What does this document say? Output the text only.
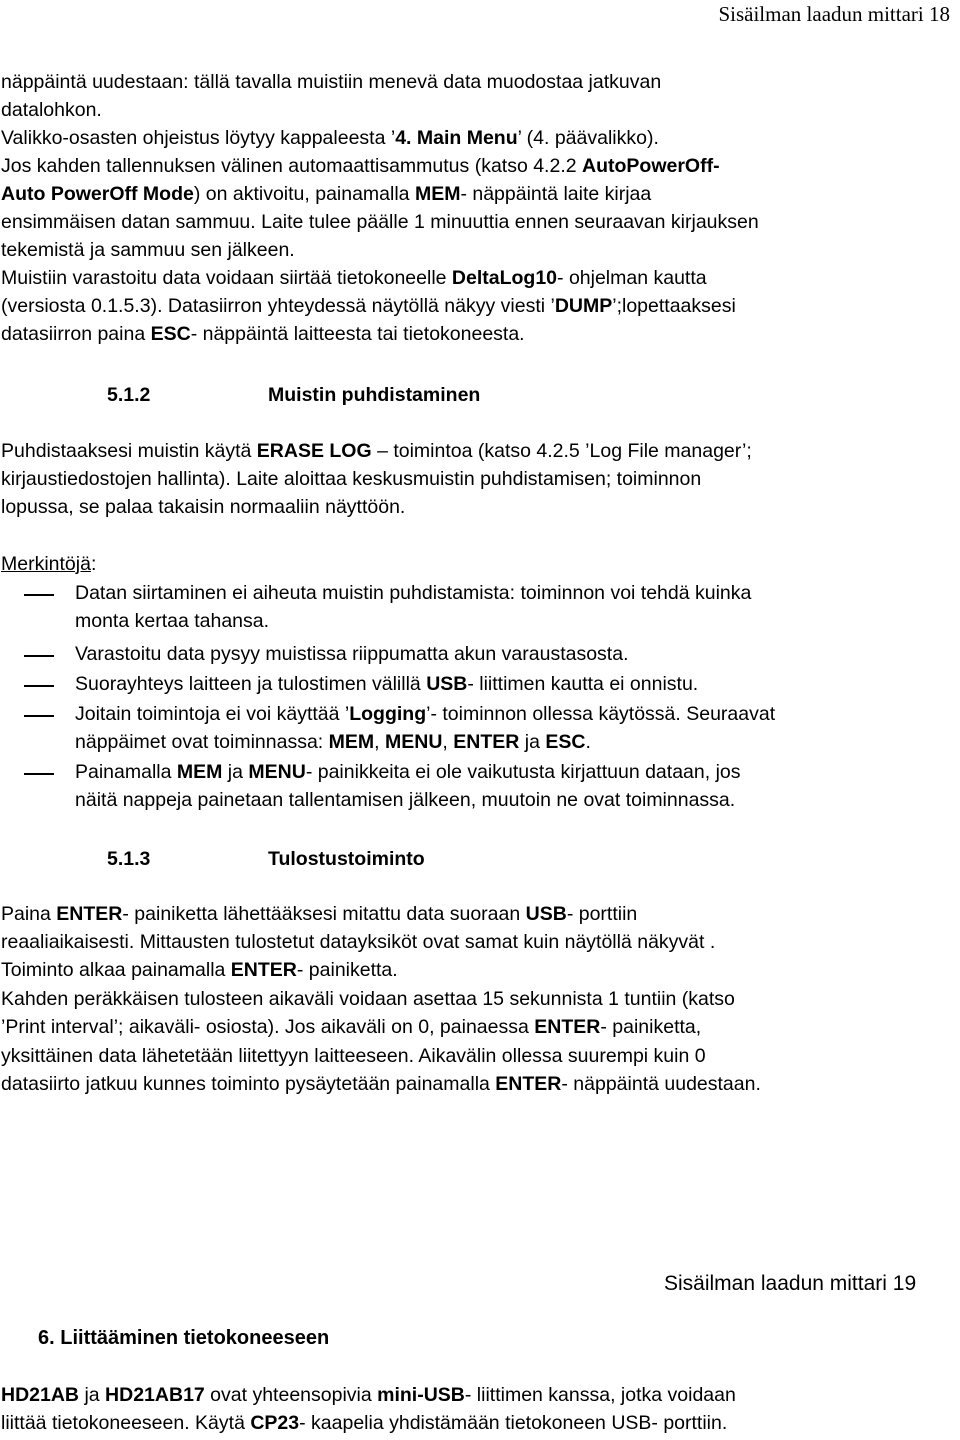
Sisäilman laadun mittari 18
näppäintä uudestaan: tällä tavalla muistiin menevä data muodostaa jatkuvan
datalohkon.
Valikko-osasten ohjeistus löytyy kappaleesta ’4. Main Menu’ (4. päävalikko).
Jos kahden tallennuksen välinen automaattisammutus (katso 4.2.2 AutoPowerOff-
Auto PowerOff Mode) on aktivoitu, painamalla MEM- näppäintä laite kirjaa
ensimmäisen datan sammuu. Laite tulee päälle 1 minuuttia ennen seuraavan kirjauksen
tekemistä ja sammuu sen jälkeen.
Muistiin varastoitu data voidaan siirtää tietokoneelle DeltaLog10- ohjelman kautta
(versiosta 0.1.5.3). Datasiirron yhteydessä näytöllä näkyy viesti ’DUMP’;lopettaaksesi
datasiirron paina ESC- näppäintä laitteesta tai tietokoneesta.
5.1.2	Muistin puhdistaminen
Puhdistaaksesi muistin käytä ERASE LOG – toimintoa (katso 4.2.5 ’Log File manager’;
kirjaustiedostojen hallinta). Laite aloittaa keskusmuistin puhdistamisen; toiminnon
lopussa, se palaa takaisin normaaliin näyttöön.
Merkintöjä:
Datan siirtaminen ei aiheuta muistin puhdistamista: toiminnon voi tehdä kuinka
monta kertaa tahansa.
Varastoitu data pysyy muistissa riippumatta akun varaustasosta.
Suorayhteys laitteen ja tulostimen välillä USB- liittimen kautta ei onnistu.
Joitain toimintoja ei voi käyttää ’Logging’- toiminnon ollessa käytössä. Seuraavat
näppäimet ovat toiminnassa: MEM, MENU, ENTER ja ESC.
Painamalla MEM ja MENU- painikkeita ei ole vaikutusta kirjattuun dataan, jos
näitä nappeja painetaan tallentamisen jälkeen, muutoin ne ovat toiminnassa.
5.1.3	Tulostustoiminto
Paina ENTER- painiketta lähettääksesi mitattu data suoraan USB- porttiin
reaaliaikaisesti. Mittausten tulostetut datayksiköt ovat samat kuin näytöllä näkyvät .
Toiminto alkaa painamalla ENTER- painiketta.
Kahden peräkkäisen tulosteen aikaväli voidaan asettaa 15 sekunnista 1 tuntiin (katso
’Print interval’; aikaväli- osiosta). Jos aikaväli on 0, painaessa ENTER- painiketta,
yksittäinen data lähetetään liitettyyn laitteeseen. Aikavälin ollessa suurempi kuin 0
datasiirto jatkuu kunnes toiminto pysäytetään painamalla ENTER- näppäintä uudestaan.
Sisäilman laadun mittari 19
6. Liittääminen tietokoneeseen
HD21AB ja HD21AB17 ovat yhteensopivia mini-USB- liittimen kanssa, jotka voidaan
liittää tietokoneeseen. Käytä CP23- kaapelia yhdistämään tietokoneen USB- porttiin.
